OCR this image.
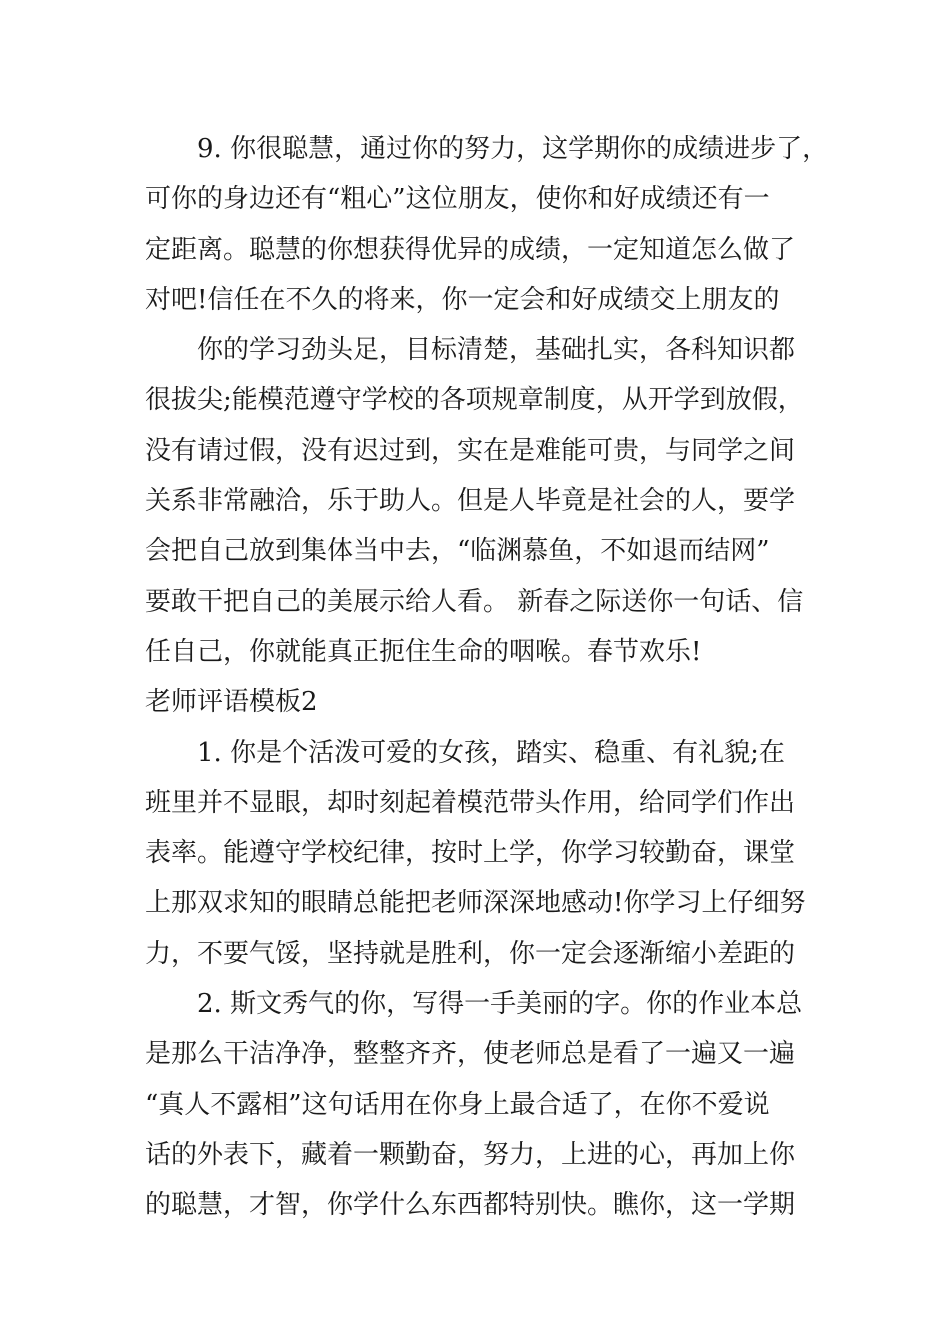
9. 你很聪慧，通过你的努力，这学期你的成绩进步了，
可你的身边还有“粗心”这位朋友，使你和好成绩还有一
定距离。聪慧的你想获得优异的成绩，一定知道怎么做了
对吧!信任在不久的将来，你一定会和好成绩交上朋友的
你的学习劲头足，目标清楚，基础扎实，各科知识都
很拔尖;能模范遵守学校的各项规章制度，从开学到放假，
没有请过假，没有迟过到，实在是难能可贵，与同学之间
关系非常融洽，乐于助人。但是人毕竟是社会的人，要学
会把自己放到集体当中去，“临渊慕鱼，不如退而结网”
要敢干把自己的美展示给人看。 新春之际送你一句话、信
任自己，你就能真正扼住生命的咽喉。春节欢乐!
老师评语模板2
1. 你是个活泼可爱的女孩，踏实、稳重、有礼貌;在
班里并不显眼，却时刻起着模范带头作用，给同学们作出
表率。能遵守学校纪律，按时上学，你学习较勤奋，课堂
上那双求知的眼睛总能把老师深深地感动!你学习上仔细努
力，不要气馁，坚持就是胜利，你一定会逐渐缩小差距的
2. 斯文秀气的你，写得一手美丽的字。你的作业本总
是那么干洁净净，整整齐齐，使老师总是看了一遍又一遍
“真人不露相”这句话用在你身上最合适了，在你不爱说
话的外表下，藏着一颗勤奋，努力，上进的心，再加上你
的聪慧，才智，你学什么东西都特别快。瞧你，这一学期
